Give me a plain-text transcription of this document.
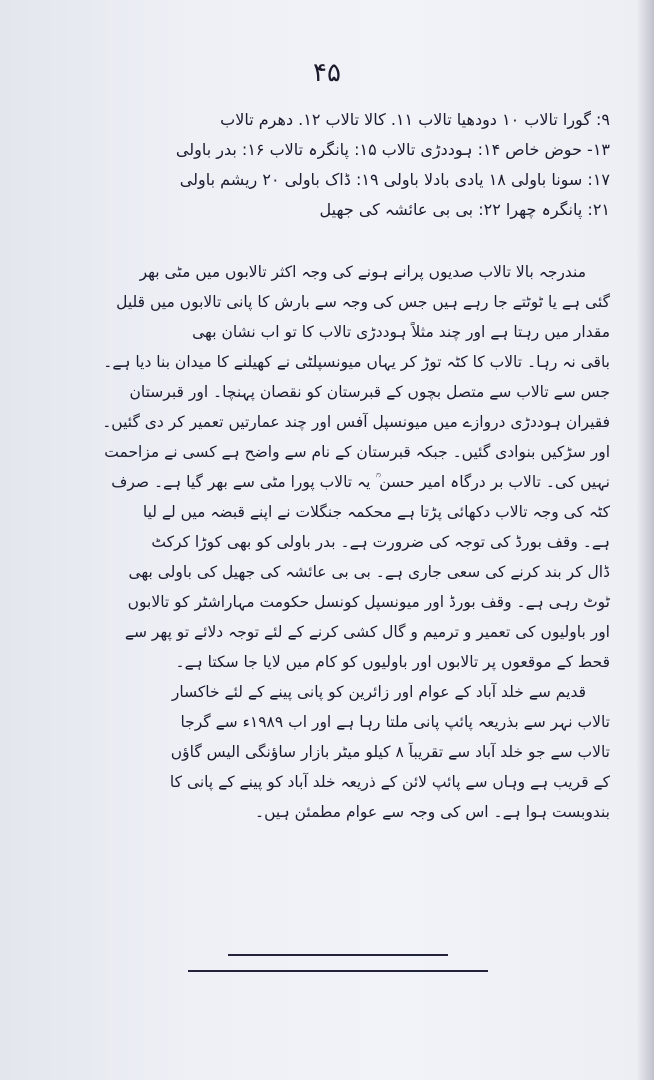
۴۵
۹: گورا تالاب ۱۰ دودھیا تالاب ۱۱. کالا تالاب ۱۲. دھرم تالاب
۱۳- حوض خاص ۱۴: ہوددڑی تالاب ۱۵: پانگرہ تالاب ۱۶: بدر باولی
۱۷: سونا باولی ۱۸ یادی بادلا باولی ۱۹: ڈاک باولی ۲۰ ریشم باولی
۲۱: پانگرہ چھرا ۲۲: بی بی عائشہ کی جھیل
مندرجہ بالا تالاب صدیوں پرانے ہونے کی وجہ اکثر تالابوں میں مٹی بھر
گئی ہے یا ٹوٹتے جا رہے ہیں جس کی وجہ سے بارش کا پانی تالابوں میں قلیل
مقدار میں رہتا ہے اور چند مثلاً ہوددڑی تالاب کا تو اب نشان بھی
باقی نہ رہا۔ تالاب کا کٹہ توڑ کر یہاں میونسپلٹی نے کھیلنے کا میدان بنا دیا ہے۔
جس سے تالاب سے متصل بچوں کے قبرستان کو نقصان پہنچا۔ اور قبرستان
فقیران ہوددڑی دروازے میں میونسپل آفس اور چند عمارتیں تعمیر کر دی گئیں۔
اور سڑکیں بنوادی گئیں۔ جبکہ قبرستان کے نام سے واضح ہے کسی نے مزاحمت
نہیں کی۔ تالاب بر درگاہ امیر حسن ؒ یہ تالاب پورا مٹی سے بھر گیا ہے۔ صرف
کٹہ کی وجہ تالاب دکھائی پڑتا ہے محکمہ جنگلات نے اپنے قبضہ میں لے لیا
ہے۔ وقف بورڈ کی توجہ کی ضرورت ہے۔ بدر باولی کو بھی کوڑا کرکٹ
ڈال کر بند کرنے کی سعی جاری ہے۔ بی بی عائشہ کی جھیل کی باولی بھی
ٹوٹ رہی ہے۔ وقف بورڈ اور میونسپل کونسل حکومت مہاراشٹر کو تالابوں
اور باولیوں کی تعمیر و ترمیم و گال کشی کرنے کے لئے توجہ دلائے تو پھر سے
قحط کے موقعوں پر تالابوں اور باولیوں کو کام میں لایا جا سکتا ہے۔
قدیم سے خلد آباد کے عوام اور زائرین کو پانی پینے کے لئے خاکسار
تالاب نہر سے بذریعہ پائپ پانی ملتا رہا ہے اور اب ۱۹۸۹ء سے گرجا
تالاب سے جو خلد آباد سے تقریباً ۸ کیلو میٹر بازار ساؤنگی الیس گاؤں
کے قریب ہے وہاں سے پائپ لائن کے ذریعہ خلد آباد کو پینے کے پانی کا
بندوبست ہوا ہے۔ اس کی وجہ سے عوام مطمئن ہیں۔
